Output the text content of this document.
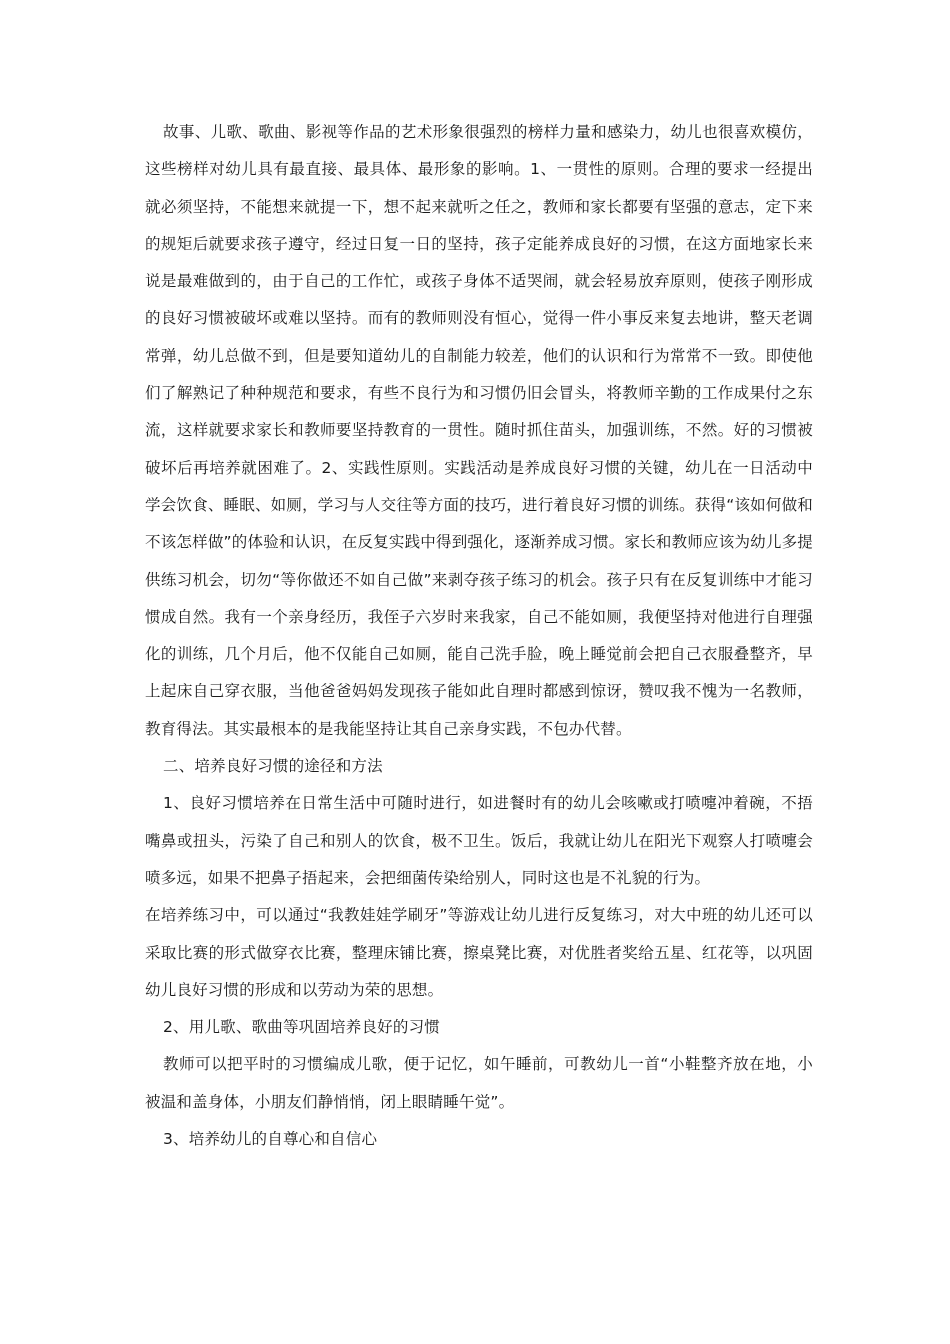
故事、儿歌、歌曲、影视等作品的艺术形象很强烈的榜样力量和感染力，幼儿也很喜欢模仿，这些榜样对幼儿具有最直接、最具体、最形象的影响。1、一贯性的原则。合理的要求一经提出就必须坚持，不能想来就提一下，想不起来就听之任之，教师和家长都要有坚强的意志，定下来的规矩后就要求孩子遵守，经过日复一日的坚持，孩子定能养成良好的习惯，在这方面地家长来说是最难做到的，由于自己的工作忙，或孩子身体不适哭闹，就会轻易放弃原则，使孩子刚形成的良好习惯被破坏或难以坚持。而有的教师则没有恒心，觉得一件小事反来复去地讲，整天老调常弹，幼儿总做不到，但是要知道幼儿的自制能力较差，他们的认识和行为常常不一致。即使他们了解熟记了种种规范和要求，有些不良行为和习惯仍旧会冒头，将教师辛勤的工作成果付之东流，这样就要求家长和教师要坚持教育的一贯性。随时抓住苗头，加强训练，不然。好的习惯被破坏后再培养就困难了。2、实践性原则。实践活动是养成良好习惯的关键，幼儿在一日活动中学会饮食、睡眠、如厕，学习与人交往等方面的技巧，进行着良好习惯的训练。获得“该如何做和不该怎样做”的体验和认识，在反复实践中得到强化，逐渐养成习惯。家长和教师应该为幼儿多提供练习机会，切勿“等你做还不如自己做”来剥夺孩子练习的机会。孩子只有在反复训练中才能习惯成自然。我有一个亲身经历，我侄子六岁时来我家，自己不能如厕，我便坚持对他进行自理强化的训练，几个月后，他不仅能自己如厕，能自己洗手脸，晚上睡觉前会把自己衣服叠整齐，早上起床自己穿衣服，当他爸爸妈妈发现孩子能如此自理时都感到惊讶，赞叹我不愧为一名教师，教育得法。其实最根本的是我能坚持让其自己亲身实践，不包办代替。

二、培养良好习惯的途径和方法

1、良好习惯培养在日常生活中可随时进行，如进餐时有的幼儿会咳嗽或打喷嚏冲着碗，不捂嘴鼻或扭头，污染了自己和别人的饮食，极不卫生。饭后，我就让幼儿在阳光下观察人打喷嚏会喷多远，如果不把鼻子捂起来，会把细菌传染给别人，同时这也是不礼貌的行为。

在培养练习中，可以通过“我教娃娃学刷牙”等游戏让幼儿进行反复练习，对大中班的幼儿还可以采取比赛的形式做穿衣比赛，整理床铺比赛，擦桌凳比赛，对优胜者奖给五星、红花等，以巩固幼儿良好习惯的形成和以劳动为荣的思想。

2、用儿歌、歌曲等巩固培养良好的习惯

教师可以把平时的习惯编成儿歌，便于记忆，如午睡前，可教幼儿一首“小鞋整齐放在地，小被温和盖身体，小朋友们静悄悄，闭上眼睛睡午觉”。

3、培养幼儿的自尊心和自信心
